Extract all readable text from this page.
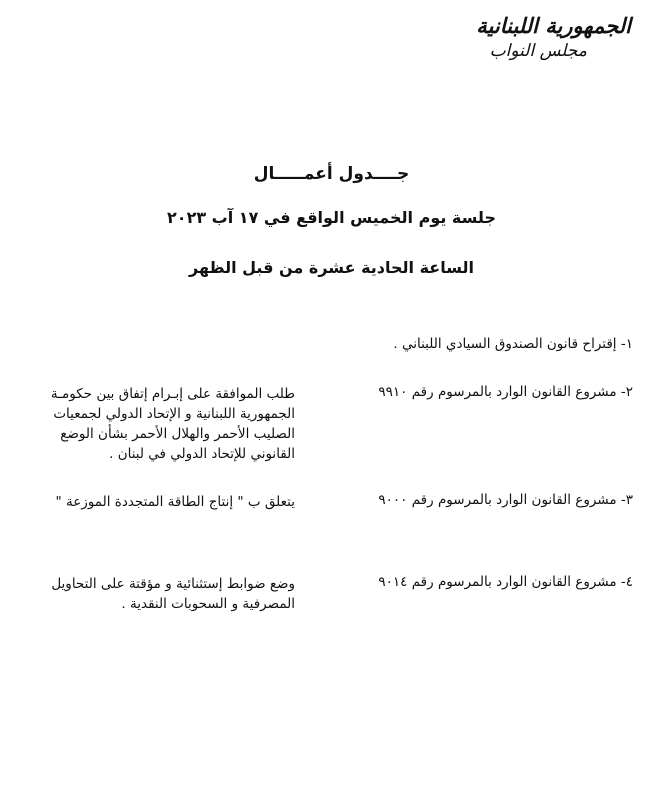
الجمهورية اللبنانية
مجلس النواب
جــــدول أعمـــــال
جلسة يوم الخميس الواقع في ١٧ آب ٢٠٢٣
الساعة الحادية عشرة من قبل الظهر
١- إقتراح قانون الصندوق السيادي اللبناني .
٢- مشروع القانون الوارد بالمرسوم رقم ٩٩١٠
طلب الموافقة على إبـرام إتفاق بين حكومـة
الجمهورية اللبنانية و الإتحاد الدولي لجمعيات
الصليب الأحمر والهلال الأحمر بشأن الوضع
القانوني للإتحاد الدولي في لبنان .
٣- مشروع القانون الوارد بالمرسوم رقم ٩٠٠٠
يتعلق ب " إنتاج الطاقة المتجددة الموزعة "
٤- مشروع القانون الوارد بالمرسوم رقم ٩٠١٤
وضع ضوابط إستثنائية و مؤقتة على التحاويل
المصرفية و السحوبات النقدية .
